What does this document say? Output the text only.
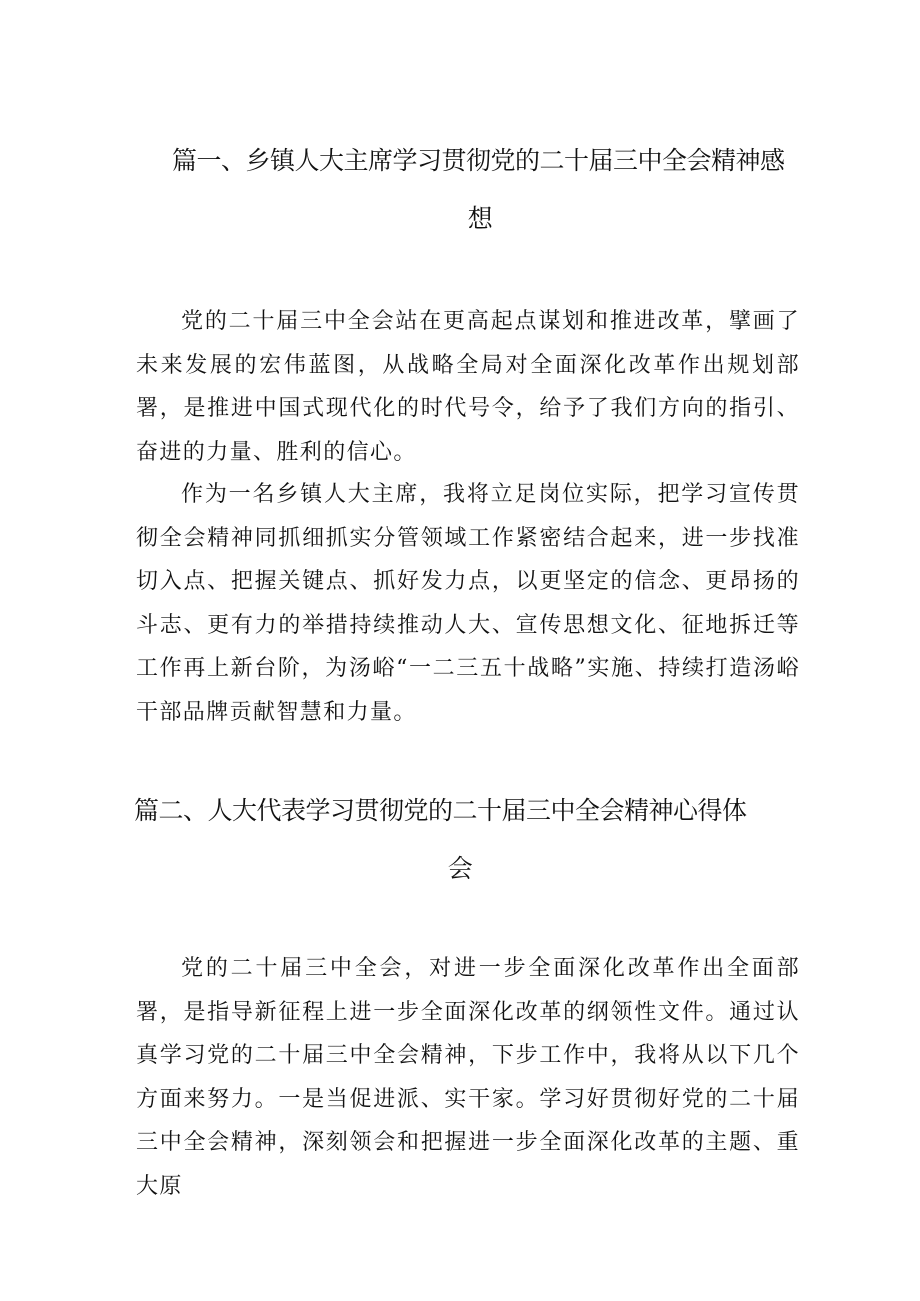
篇一、乡镇人大主席学习贯彻党的二十届三中全会精神感
想

党的二十届三中全会站在更高起点谋划和推进改革，擘画了未来发展的宏伟蓝图，从战略全局对全面深化改革作出规划部署，是推进中国式现代化的时代号令，给予了我们方向的指引、奋进的力量、胜利的信心。

作为一名乡镇人大主席，我将立足岗位实际，把学习宣传贯彻全会精神同抓细抓实分管领域工作紧密结合起来，进一步找准切入点、把握关键点、抓好发力点，以更坚定的信念、更昂扬的斗志、更有力的举措持续推动人大、宣传思想文化、征地拆迁等工作再上新台阶，为汤峪“一二三五十战略”实施、持续打造汤峪干部品牌贡献智慧和力量。

篇二、人大代表学习贯彻党的二十届三中全会精神心得体
会

党的二十届三中全会，对进一步全面深化改革作出全面部署，是指导新征程上进一步全面深化改革的纲领性文件。通过认真学习党的二十届三中全会精神，下步工作中，我将从以下几个方面来努力。一是当促进派、实干家。学习好贯彻好党的二十届三中全会精神，深刻领会和把握进一步全面深化改革的主题、重大原
